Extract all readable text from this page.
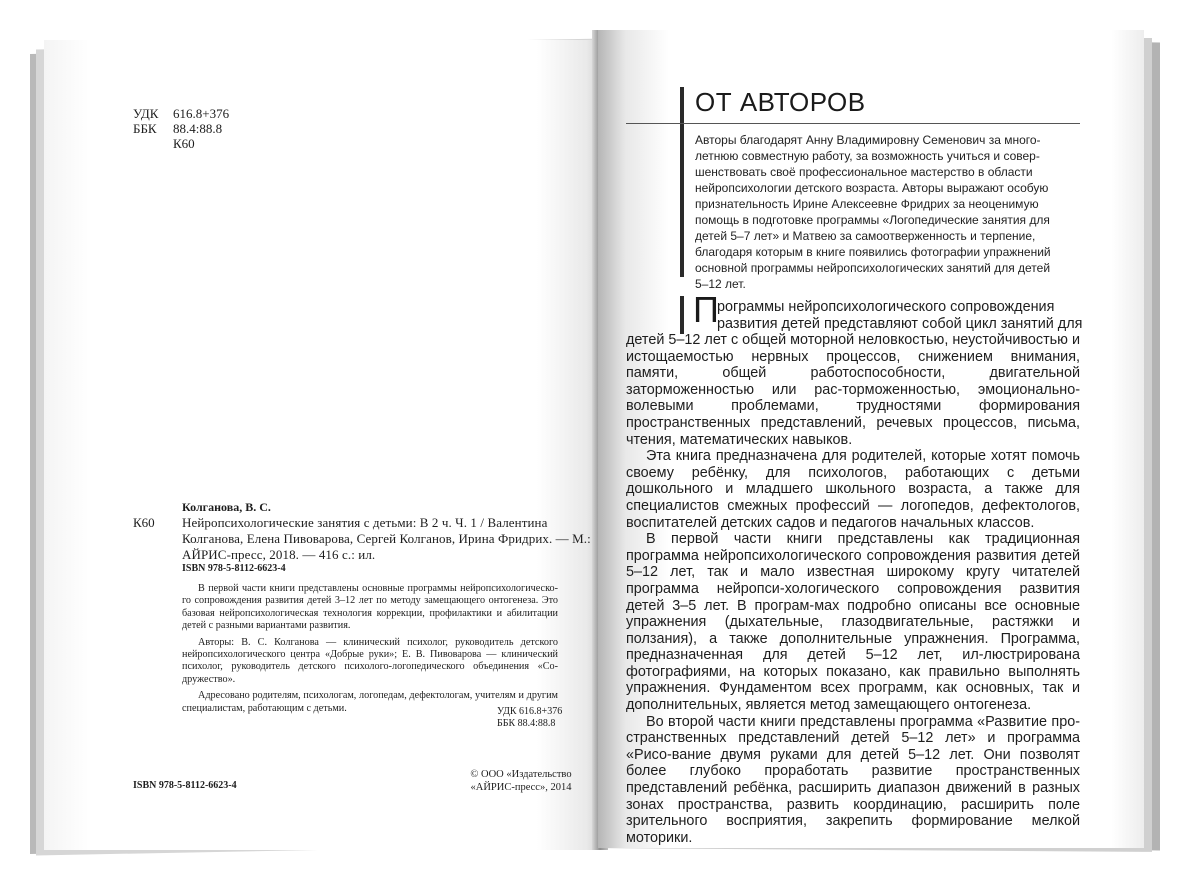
УДК 616.8+376
ББК 88.4:88.8
К60
Колганова, В. С.
К60 Нейропсихологические занятия с детьми: В 2 ч. Ч. 1 / Валентина
Колганова, Елена Пивоварова, Сергей Колганов, Ирина Фридрих. — М.:
АЙРИС-пресс, 2018. — 416 с.: ил.
ISBN 978-5-8112-6623-4

В первой части книги представлены основные программы нейропсихологическо-го сопровождения развития детей 3–12 лет по методу замещающего онтогенеза. Это базовая нейропсихологическая технология коррекции, профилактики и абилитации детей с разными вариантами развития.

Авторы: В. С. Колганова — клинический психолог, руководитель детского нейропсихологического центра «Добрые руки»; Е. В. Пивоварова — клинический психолог, руководитель детского психолого-логопедического объединения «Со-дружество».

Адресовано родителям, психологам, логопедам, дефектологам, учителям и другим специалистам, работающим с детьми.	УДК 616.8+376
ББК 88.4:88.8
ISBN 978-5-8112-6623-4
© ООО «Издательство
«АЙРИС-пресс», 2014
ОТ АВТОРОВ
Авторы благодарят Анну Владимировну Семенович за много-
летнюю совместную работу, за возможность учиться и совер-
шенствовать своё профессиональное мастерство в области
нейропсихологии детского возраста. Авторы выражают особую
признательность Ирине Алексеевне Фридрих за неоценимую
помощь в подготовке программы «Логопедические занятия для
детей 5–7 лет» и Матвею за самоотверженность и терпение,
благодаря которым в книге появились фотографии упражнений
основной программы нейропсихологических занятий для детей
5–12 лет.
П
рограммы нейропсихологического сопровождения
развития детей представляют собой цикл занятий для

детей 5–12 лет с общей моторной неловкостью, неустойчивостью и истощаемостью нервных процессов, снижением внимания, памяти, общей работоспособности, двигательной заторможенностью или рас-торможенностью, эмоционально-волевыми проблемами, трудностями формирования пространственных представлений, речевых процессов, письма, чтения, математических навыков.

Эта книга предназначена для родителей, которые хотят помочь своему ребёнку, для психологов, работающих с детьми дошкольного и младшего школьного возраста, а также для специалистов смежных профессий — логопедов, дефектологов, воспитателей детских садов и педагогов начальных классов.

В первой части книги представлены как традиционная программа нейропсихологического сопровождения развития детей 5–12 лет, так и мало известная широкому кругу читателей программа нейропси-хологического сопровождения развития детей 3–5 лет. В програм-мах подробно описаны все основные упражнения (дыхательные, глазодвигательные, растяжки и ползания), а также дополнительные упражнения. Программа, предназначенная для детей 5–12 лет, ил-люстрирована фотографиями, на которых показано, как правильно выполнять упражнения. Фундаментом всех программ, как основных, так и дополнительных, является метод замещающего онтогенеза.

Во второй части книги представлены программа «Развитие про-странственных представлений детей 5–12 лет» и программа «Рисо-вание двумя руками для детей 5–12 лет. Они позволят более глубоко проработать развитие пространственных представлений ребёнка, расширить диапазон движений в разных зонах пространства, развить координацию, расширить поле зрительного восприятия, закрепить формирование мелкой моторики.
